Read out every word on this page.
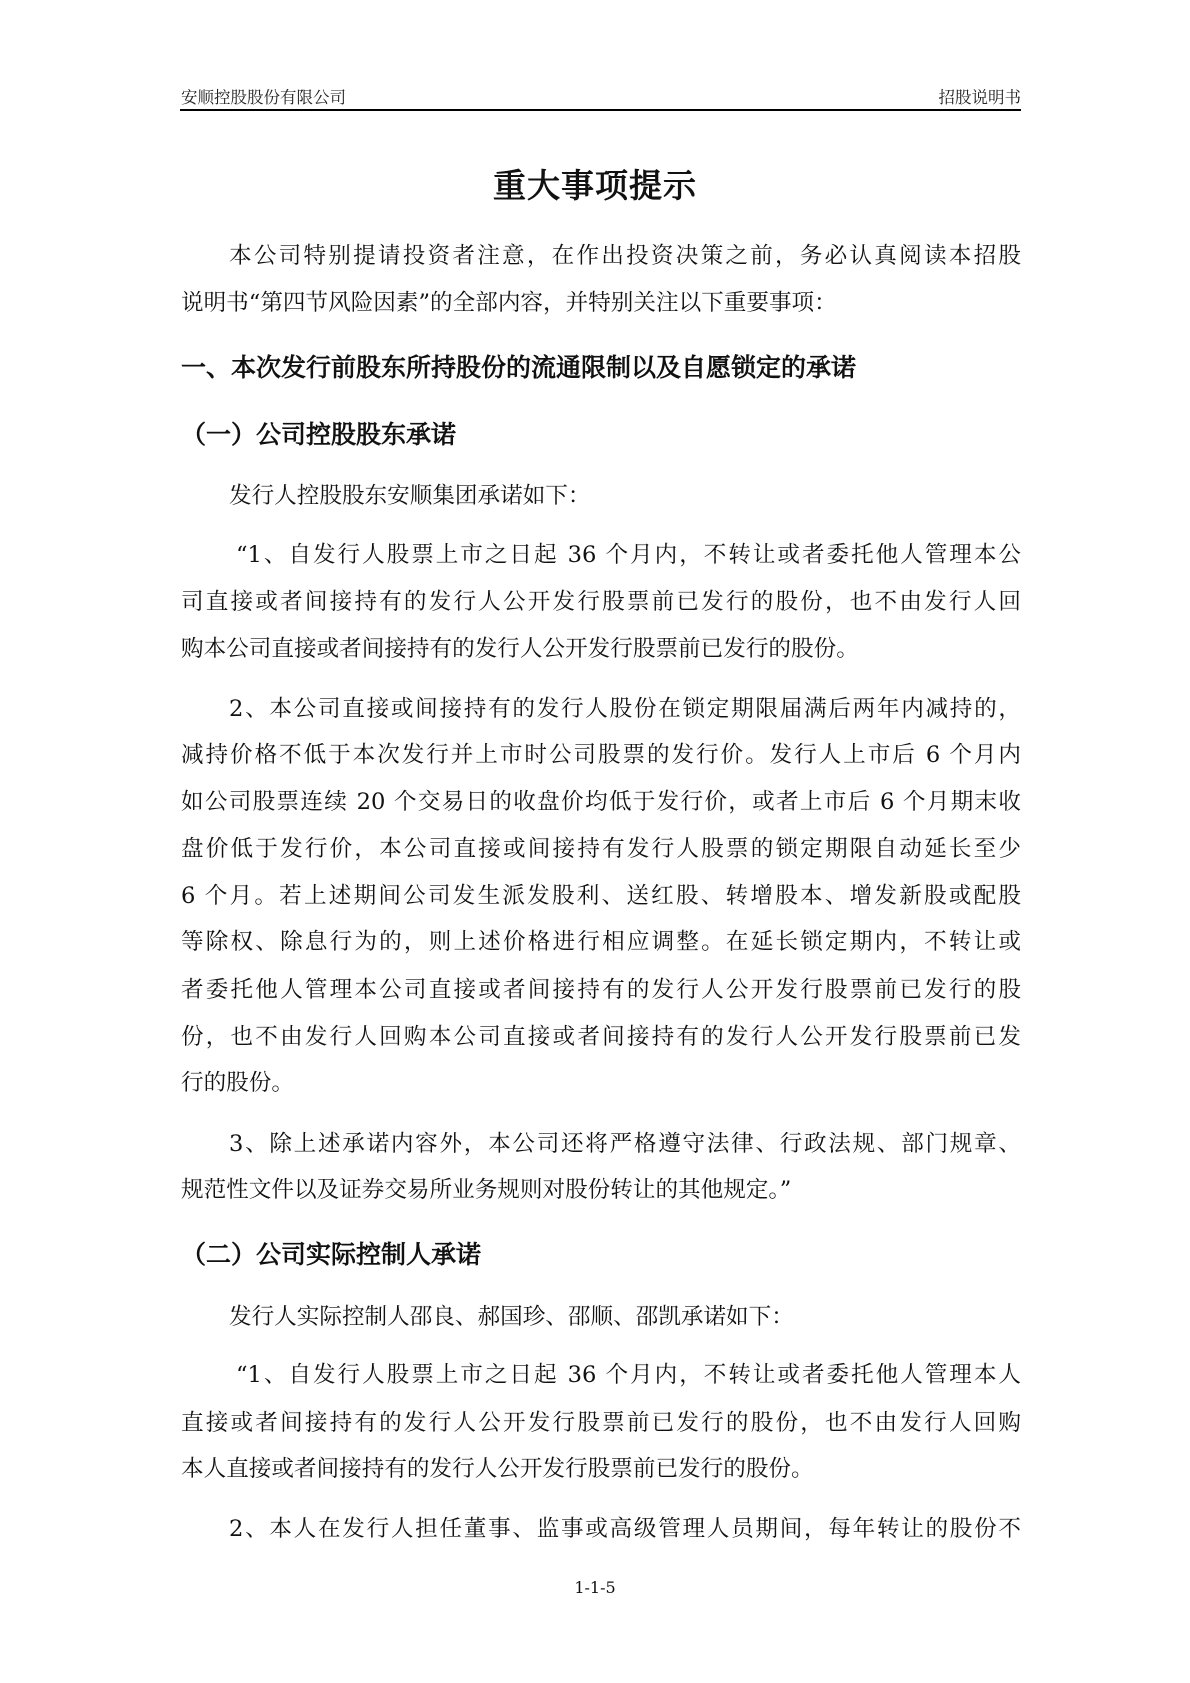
安顺控股股份有限公司	招股说明书
重大事项提示
本公司特别提请投资者注意，在作出投资决策之前，务必认真阅读本招股
说明书“第四节风险因素”的全部内容，并特别关注以下重要事项：
一、本次发行前股东所持股份的流通限制以及自愿锁定的承诺
（一）公司控股股东承诺
发行人控股股东安顺集团承诺如下：
“1、自发行人股票上市之日起 36 个月内，不转让或者委托他人管理本公
司直接或者间接持有的发行人公开发行股票前已发行的股份，也不由发行人回
购本公司直接或者间接持有的发行人公开发行股票前已发行的股份。
2、本公司直接或间接持有的发行人股份在锁定期限届满后两年内减持的，
减持价格不低于本次发行并上市时公司股票的发行价。发行人上市后 6 个月内
如公司股票连续 20 个交易日的收盘价均低于发行价，或者上市后 6 个月期末收
盘价低于发行价，本公司直接或间接持有发行人股票的锁定期限自动延长至少
6 个月。若上述期间公司发生派发股利、送红股、转增股本、增发新股或配股
等除权、除息行为的，则上述价格进行相应调整。在延长锁定期内，不转让或
者委托他人管理本公司直接或者间接持有的发行人公开发行股票前已发行的股
份，也不由发行人回购本公司直接或者间接持有的发行人公开发行股票前已发
行的股份。
3、除上述承诺内容外，本公司还将严格遵守法律、行政法规、部门规章、
规范性文件以及证券交易所业务规则对股份转让的其他规定。”
（二）公司实际控制人承诺
发行人实际控制人邵良、郝国珍、邵顺、邵凯承诺如下：
“1、自发行人股票上市之日起 36 个月内，不转让或者委托他人管理本人
直接或者间接持有的发行人公开发行股票前已发行的股份，也不由发行人回购
本人直接或者间接持有的发行人公开发行股票前已发行的股份。
2、本人在发行人担任董事、监事或高级管理人员期间，每年转让的股份不
1-1-5
